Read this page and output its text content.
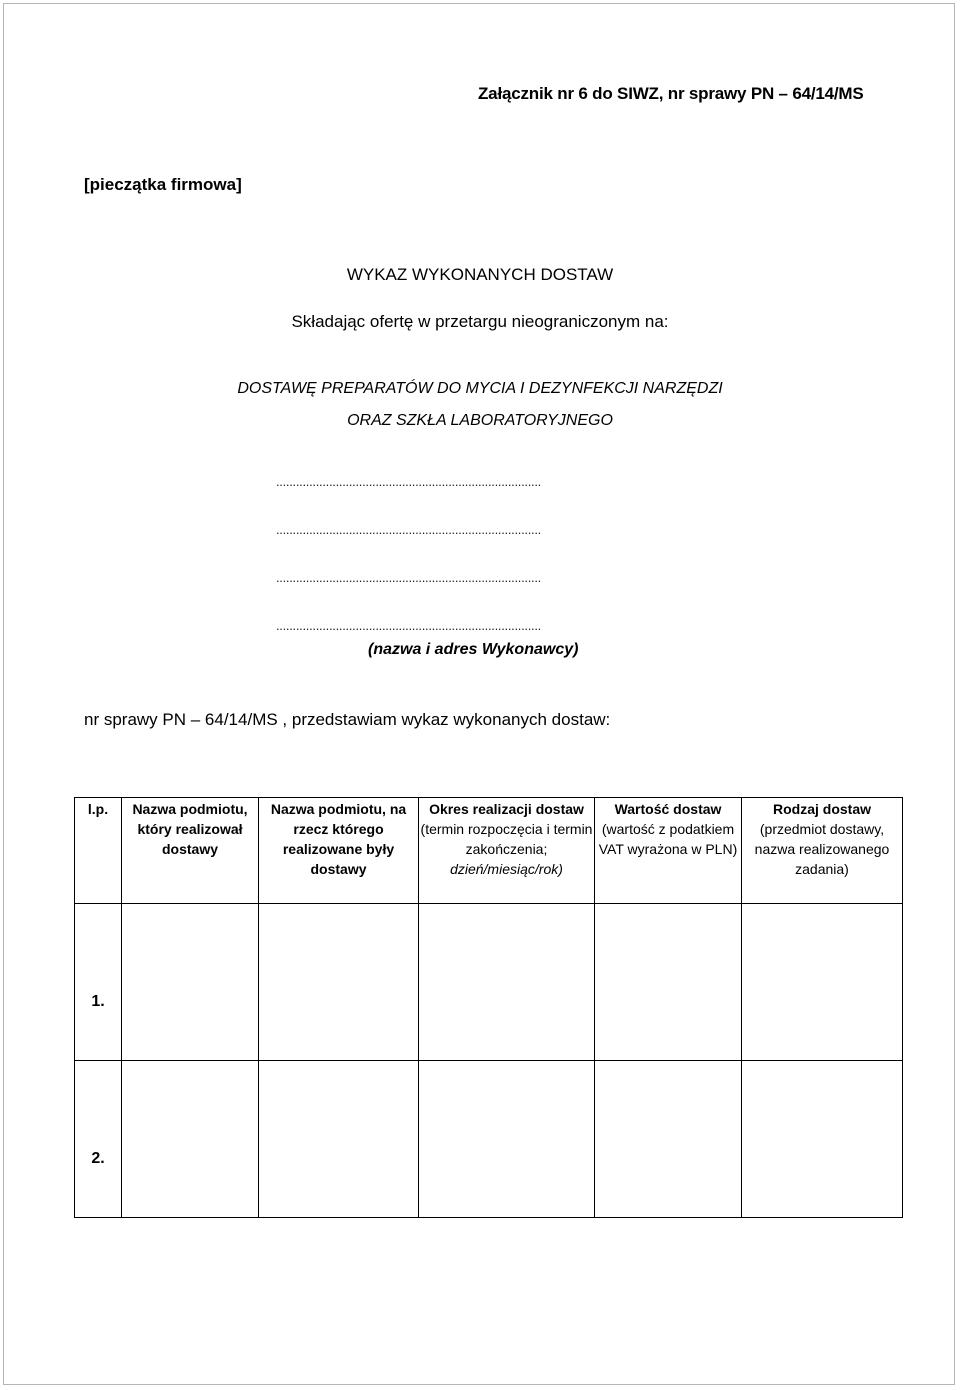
Załącznik nr 6 do SIWZ, nr sprawy PN – 64/14/MS
[pieczątka firmowa]
WYKAZ WYKONANYCH DOSTAW
Składając ofertę w przetargu nieograniczonym na:
DOSTAWĘ PREPARATÓW DO MYCIA I DEZYNFEKCJI NARZĘDZI
ORAZ SZKŁA LABORATORYJNEGO
................................................................................
................................................................................
................................................................................
................................................................................
(nazwa i adres Wykonawcy)
nr sprawy PN – 64/14/MS , przedstawiam wykaz wykonanych dostaw:
l.p.	Nazwa podmiotu, który realizował dostawy	Nazwa podmiotu, na rzecz którego realizowane były dostawy	Okres realizacji dostaw
(termin rozpoczęcia i termin zakończenia;
dzień/miesiąc/rok)	Wartość dostaw
(wartość z podatkiem VAT wyrażona w PLN)	Rodzaj dostaw
(przedmiot dostawy, nazwa realizowanego zadania)

1.					
2.					
